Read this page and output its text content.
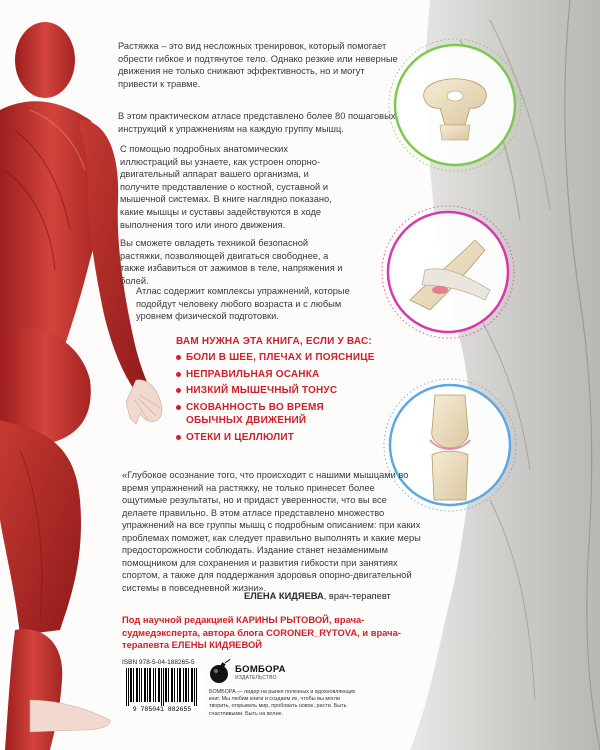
Растяжка – это вид несложных тренировок, который помогает обрести гибкое и подтянутое тело. Однако резкие или неверные движения не только снижают эффективность, но и могут привести к травме.

В этом практическом атласе представлено более 80 пошаговых инструкций к упражнениям на каждую группу мышц.

С помощью подробных анатомических иллюстраций вы узнаете, как устроен опорно-двигательный аппарат вашего организма, и получите представление о костной, суставной и мышечной системах. В книге наглядно показано, какие мышцы и суставы задействуются в ходе выполнения того или иного движения.

Вы сможете овладеть техникой безопасной растяжки, позволяющей двигаться свободнее, а также избавиться от зажимов в теле, напряжения и болей.

Атлас содержит комплексы упражнений, которые подойдут человеку любого возраста и с любым уровнем физической подготовки.

ВАМ НУЖНА ЭТА КНИГА, ЕСЛИ У ВАС:
БОЛИ В ШЕЕ, ПЛЕЧАХ И ПОЯСНИЦЕ
НЕПРАВИЛЬНАЯ ОСАНКА
НИЗКИЙ МЫШЕЧНЫЙ ТОНУС
СКОВАННОСТЬ ВО ВРЕМЯ ОБЫЧНЫХ ДВИЖЕНИЙ
ОТЕКИ И ЦЕЛЛЮЛИТ

«Глубокое осознание того, что происходит с нашими мышцами во время упражнений на растяжку, не только принесет более ощутимые результаты, но и придаст уверенности, что вы все делаете правильно. В этом атласе представлено множество упражнений на все группы мышц с подробным описанием: при каких проблемах поможет, как следует правильно выполнять и какие меры предосторожности соблюдать. Издание станет незаменимым помощником для сохранения и развития гибкости при занятиях спортом, а также для поддержания здоровья опорно-двигательной системы в повседневной жизни».

ЕЛЕНА КИДЯЕВА, врач-терапевт

Под научной редакцией КАРИНЫ РЫТОВОЙ, врача-судмедэксперта, автора блога CORONER_RYTOVA, и врача-терапевта ЕЛЕНЫ КИДЯЕВОЙ

ISBN 978-5-04-188265-5
9 785041 882655
БОМБОРА
ИЗДАТЕЛЬСТВО
БОМБОРА — лидер на рынке полезных и вдохновляющих книг. Мы любим книги и создаем их, чтобы вы могли творить, открывать мир, пробовать новое, расти. Быть счастливыми. Быть на волне.
